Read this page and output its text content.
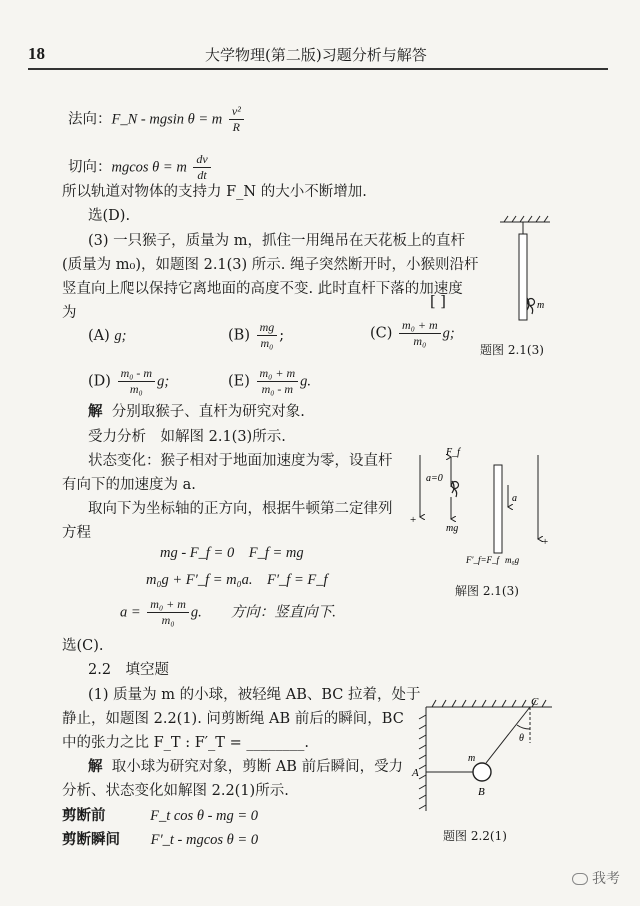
18	大学物理(第二版)习题分析与解答
法向：F_N - mgsin θ = m $\frac{\text{v²}}{R}$
切向：mgcos θ = m $\frac{dv}{dt}$
所以轨道对物体的支持力 F_N 的大小不断增加.
选(D).
(3) 一只猴子，质量为 m，抓住一用绳吊在天花板上的直杆
(质量为 m₀)，如题图 2.1(3) 所示. 绳子突然断开时，小猴则沿杆
竖直向上爬以保持它离地面的高度不变. 此时直杆下落的加速度
为
[ ]
(A) g;	$(B) \frac{mg}{\text{m₀}}$ ;	$(C) \frac{\text{m₀ + m}}{\text{m₀}} g$;
$(D) \frac{\text{m₀ - m}}{\text{m₀}} g$;	$(E) \frac{\text{m₀ + m}}{\text{m₀ - m}} g$.
m
题图 2.1(3)
解 分别取猴子、直杆为研究对象.
受力分析　如解图 2.1(3)所示.
状态变化：猴子相对于地面加速度为零，设直杆
有向下的加速度为 a.
取向下为坐标轴的正方向，根据牛顿第二定律列
方程
mg - F_f = 0　F_f = mg
m₀g + F′_f = m₀a.　F′_f = F_f
$a = \frac{\text{m₀ + m}}{\text{m₀}} g$.　　方向：竖直向下.
选(C).
+
F_f
a=0
mg
a
+
F′_f=F_f m₀g
解图 2.1(3)
2.2　填空题
(1) 质量为 m 的小球，被轻绳 AB、BC 拉着，处于
静止，如题图 2.2(1). 问剪断绳 AB 前后的瞬间，BC
中的张力之比 F_T : F′_T = ________.
解 取小球为研究对象，剪断 AB 前后瞬间，受力
分析、状态变化如解图 2.2(1)所示.
剪断前	F_t cos θ - mg = 0
剪断瞬间 F′_t - mgcos θ = 0
C
θ
m
A
B
题图 2.2(1)
我考
